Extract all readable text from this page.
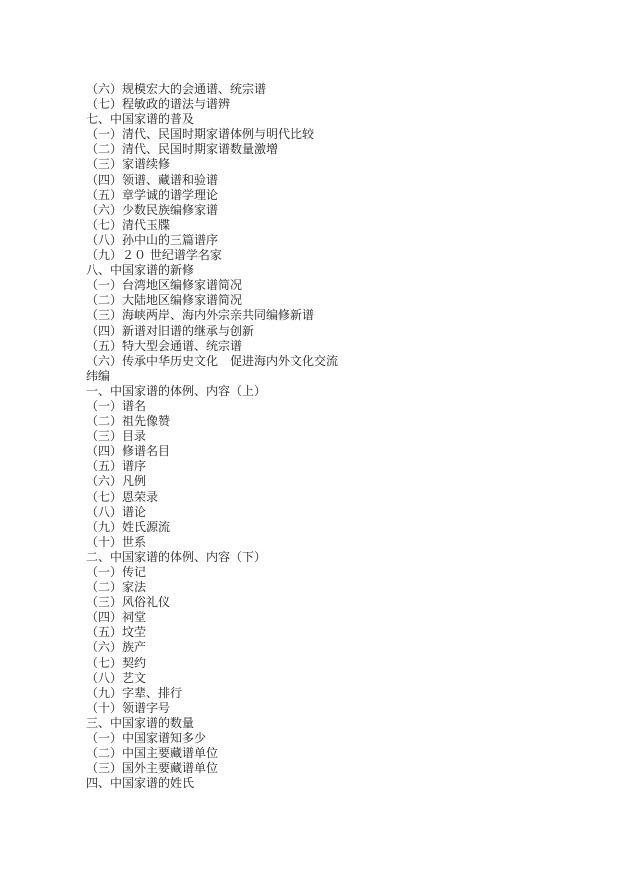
（六）规模宏大的会通谱、统宗谱
（七）程敏政的谱法与谱辨
七、中国家谱的普及
（一）清代、民国时期家谱体例与明代比较
（二）清代、民国时期家谱数量激增
（三）家谱续修
（四）领谱、藏谱和验谱
（五）章学诚的谱学理论
（六）少数民族编修家谱
（七）清代玉牒
（八）孙中山的三篇谱序
（九）２０ 世纪谱学名家
八、中国家谱的新修
（一）台湾地区编修家谱简况
（二）大陆地区编修家谱简况
（三）海峡两岸、海内外宗亲共同编修新谱
（四）新谱对旧谱的继承与创新
（五）特大型会通谱、统宗谱
（六）传承中华历史文化　促进海内外文化交流
纬编
一、中国家谱的体例、内容（上）
（一）谱名
（二）祖先像赞
（三）目录
（四）修谱名目
（五）谱序
（六）凡例
（七）恩荣录
（八）谱论
（九）姓氏源流
（十）世系
二、中国家谱的体例、内容（下）
（一）传记
（二）家法
（三）风俗礼仪
（四）祠堂
（五）坟茔
（六）族产
（七）契约
（八）艺文
（九）字辈、排行
（十）领谱字号
三、中国家谱的数量
（一）中国家谱知多少
（二）中国主要藏谱单位
（三）国外主要藏谱单位
四、中国家谱的姓氏
